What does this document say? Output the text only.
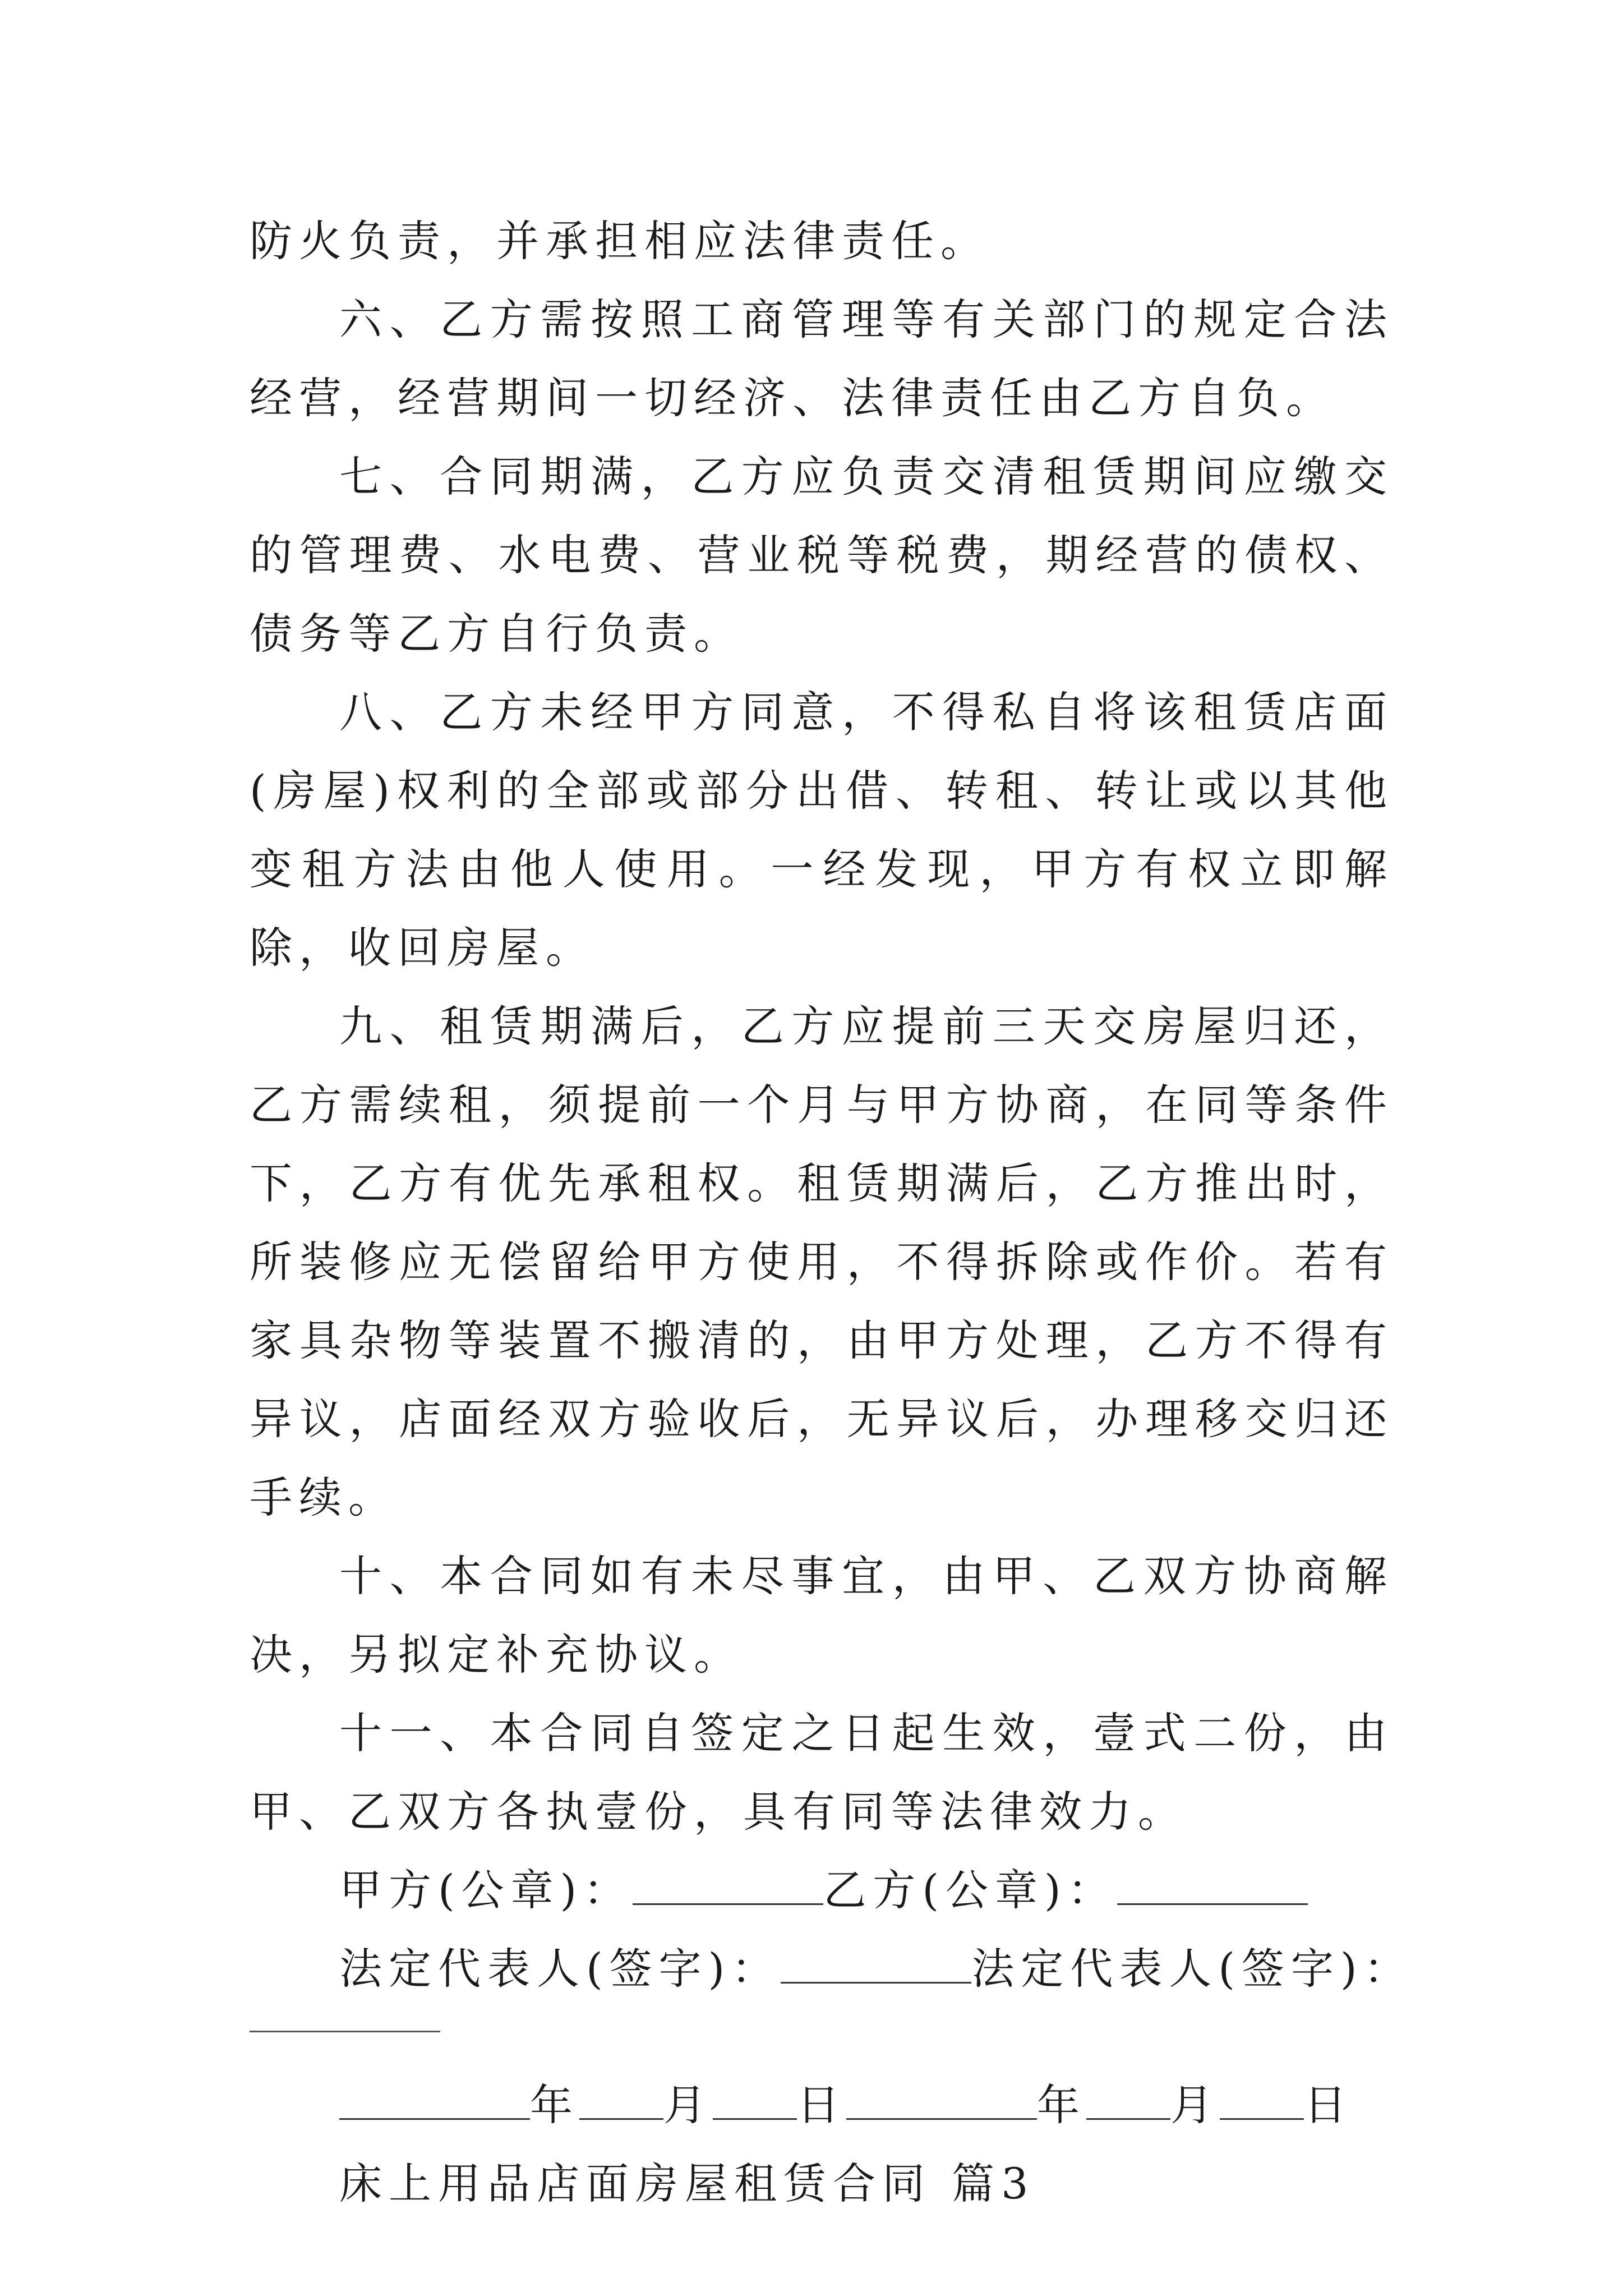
防火负责，并承担相应法律责任。

六、乙方需按照工商管理等有关部门的规定合法经营，经营期间一切经济、法律责任由乙方自负。

七、合同期满，乙方应负责交清租赁期间应缴交的管理费、水电费、营业税等税费，期经营的债权、债务等乙方自行负责。

八、乙方未经甲方同意，不得私自将该租赁店面(房屋)权利的全部或部分出借、转租、转让或以其他变租方法由他人使用。一经发现，甲方有权立即解除，收回房屋。

九、租赁期满后，乙方应提前三天交房屋归还，乙方需续租，须提前一个月与甲方协商，在同等条件下，乙方有优先承租权。租赁期满后，乙方推出时，所装修应无偿留给甲方使用，不得拆除或作价。若有家具杂物等装置不搬清的，由甲方处理，乙方不得有异议，店面经双方验收后，无异议后，办理移交归还手续。

十、本合同如有未尽事宜，由甲、乙双方协商解决，另拟定补充协议。

十一、本合同自签定之日起生效，壹式二份，由甲、乙双方各执壹份，具有同等法律效力。

甲方(公章)：	乙方(公章)：

法定代表人(签字)：	法定代表人(签字)：

年 月 日	年 月 日

床上用品店面房屋租赁合同 篇3
